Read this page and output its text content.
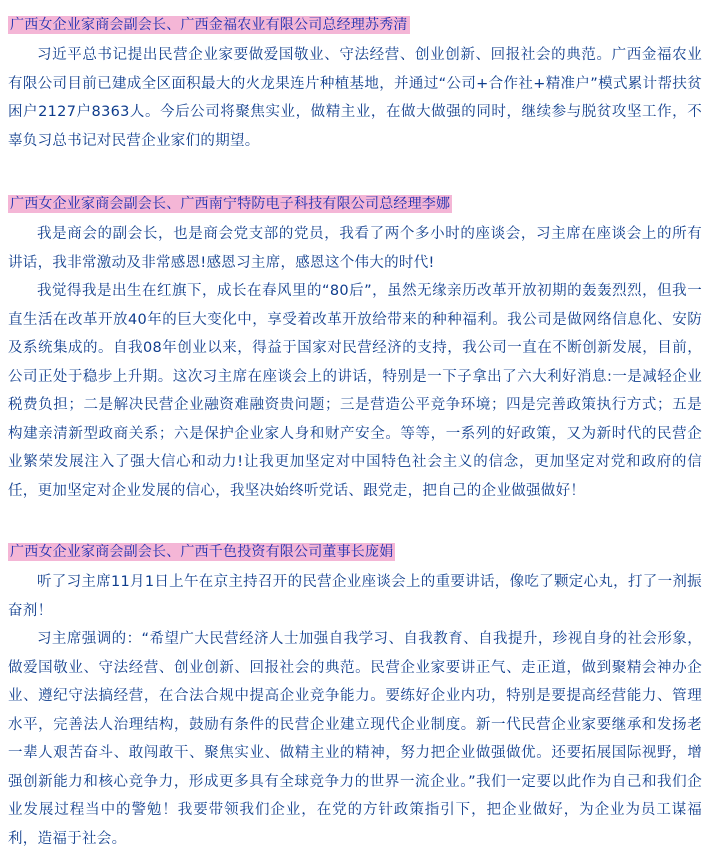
广西女企业家商会副会长、广西金福农业有限公司总经理苏秀清

习近平总书记提出民营企业家要做爱国敬业、守法经营、创业创新、回报社会的典范。广西金福农业有限公司目前已建成全区面积最大的火龙果连片种植基地，并通过“公司+合作社+精准户”模式累计帮扶贫困户2127户8363人。今后公司将聚焦实业，做精主业，在做大做强的同时，继续参与脱贫攻坚工作，不辜负习总书记对民营企业家们的期望。

广西女企业家商会副会长、广西南宁特防电子科技有限公司总经理李娜

我是商会的副会长，也是商会党支部的党员，我看了两个多小时的座谈会，习主席在座谈会上的所有讲话，我非常激动及非常感恩!感恩习主席，感恩这个伟大的时代!

我觉得我是出生在红旗下，成长在春风里的“80后”，虽然无缘亲历改革开放初期的轰轰烈烈，但我一直生活在改革开放40年的巨大变化中，享受着改革开放给带来的种种福利。我公司是做网络信息化、安防及系统集成的。自我08年创业以来，得益于国家对民营经济的支持，我公司一直在不断创新发展，目前，公司正处于稳步上升期。这次习主席在座谈会上的讲话，特别是一下子拿出了六大利好消息:一是减轻企业税费负担；二是解决民营企业融资难融资贵问题；三是营造公平竞争环境；四是完善政策执行方式；五是构建亲清新型政商关系；六是保护企业家人身和财产安全。等等，一系列的好政策，又为新时代的民营企业繁荣发展注入了强大信心和动力!让我更加坚定对中国特色社会主义的信念，更加坚定对党和政府的信任，更加坚定对企业发展的信心，我坚决始终听党话、跟党走，把自己的企业做强做好！

广西女企业家商会副会长、广西千色投资有限公司董事长庞娟

听了习主席11月1日上午在京主持召开的民营企业座谈会上的重要讲话，像吃了颗定心丸，打了一剂振奋剂！

习主席强调的：“希望广大民营经济人士加强自我学习、自我教育、自我提升，珍视自身的社会形象，做爱国敬业、守法经营、创业创新、回报社会的典范。民营企业家要讲正气、走正道，做到聚精会神办企业、遵纪守法搞经营，在合法合规中提高企业竞争能力。要练好企业内功，特别是要提高经营能力、管理水平，完善法人治理结构，鼓励有条件的民营企业建立现代企业制度。新一代民营企业家要继承和发扬老一辈人艰苦奋斗、敢闯敢干、聚焦实业、做精主业的精神，努力把企业做强做优。还要拓展国际视野，增强创新能力和核心竞争力，形成更多具有全球竞争力的世界一流企业。”我们一定要以此作为自己和我们企业发展过程当中的警勉！我要带领我们企业，在党的方针政策指引下，把企业做好，为企业为员工谋福利，造福于社会。
